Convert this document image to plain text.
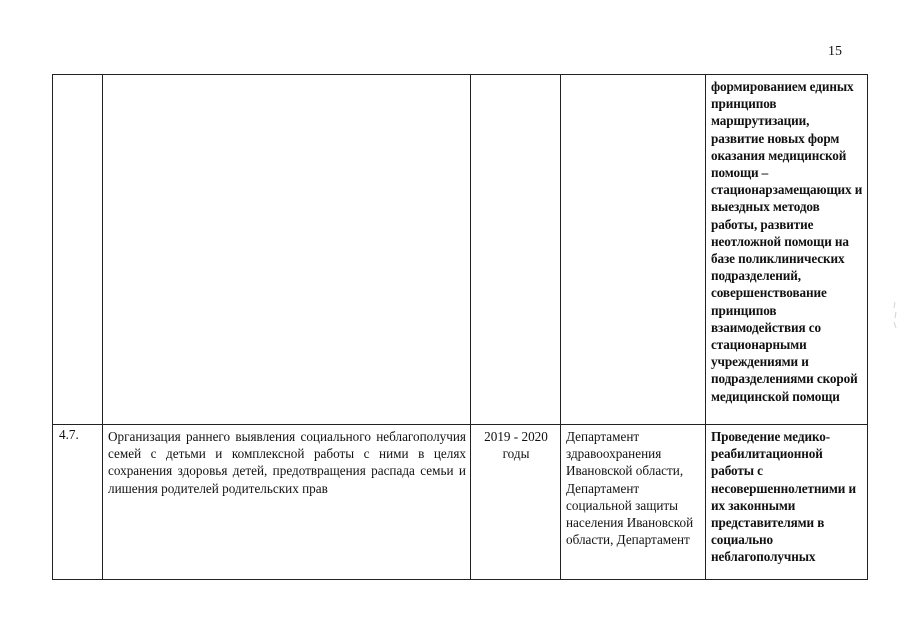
15

				формированием единых принципов маршрутизации, развитие новых форм оказания медицинской помощи – стационарзамещающих и выездных методов работы, развитие неотложной помощи на базе поликлинических подразделений, совершенствование принципов взаимодействия со стационарными учреждениями и подразделениями скорой медицинской помощи

4.7.	Организация раннего выявления социального неблагополучия семей с детьми и комплексной работы с ними в целях сохранения здоровья детей, предотвращения распада семьи и лишения родителей родительских прав	2019 - 2020 годы	Департамент здравоохранения Ивановской области, Департамент социальной защиты населения Ивановской области, Департамент	Проведение медико-реабилитационной работы с несовершеннолетними и их законными представителями в социально неблагополучных
